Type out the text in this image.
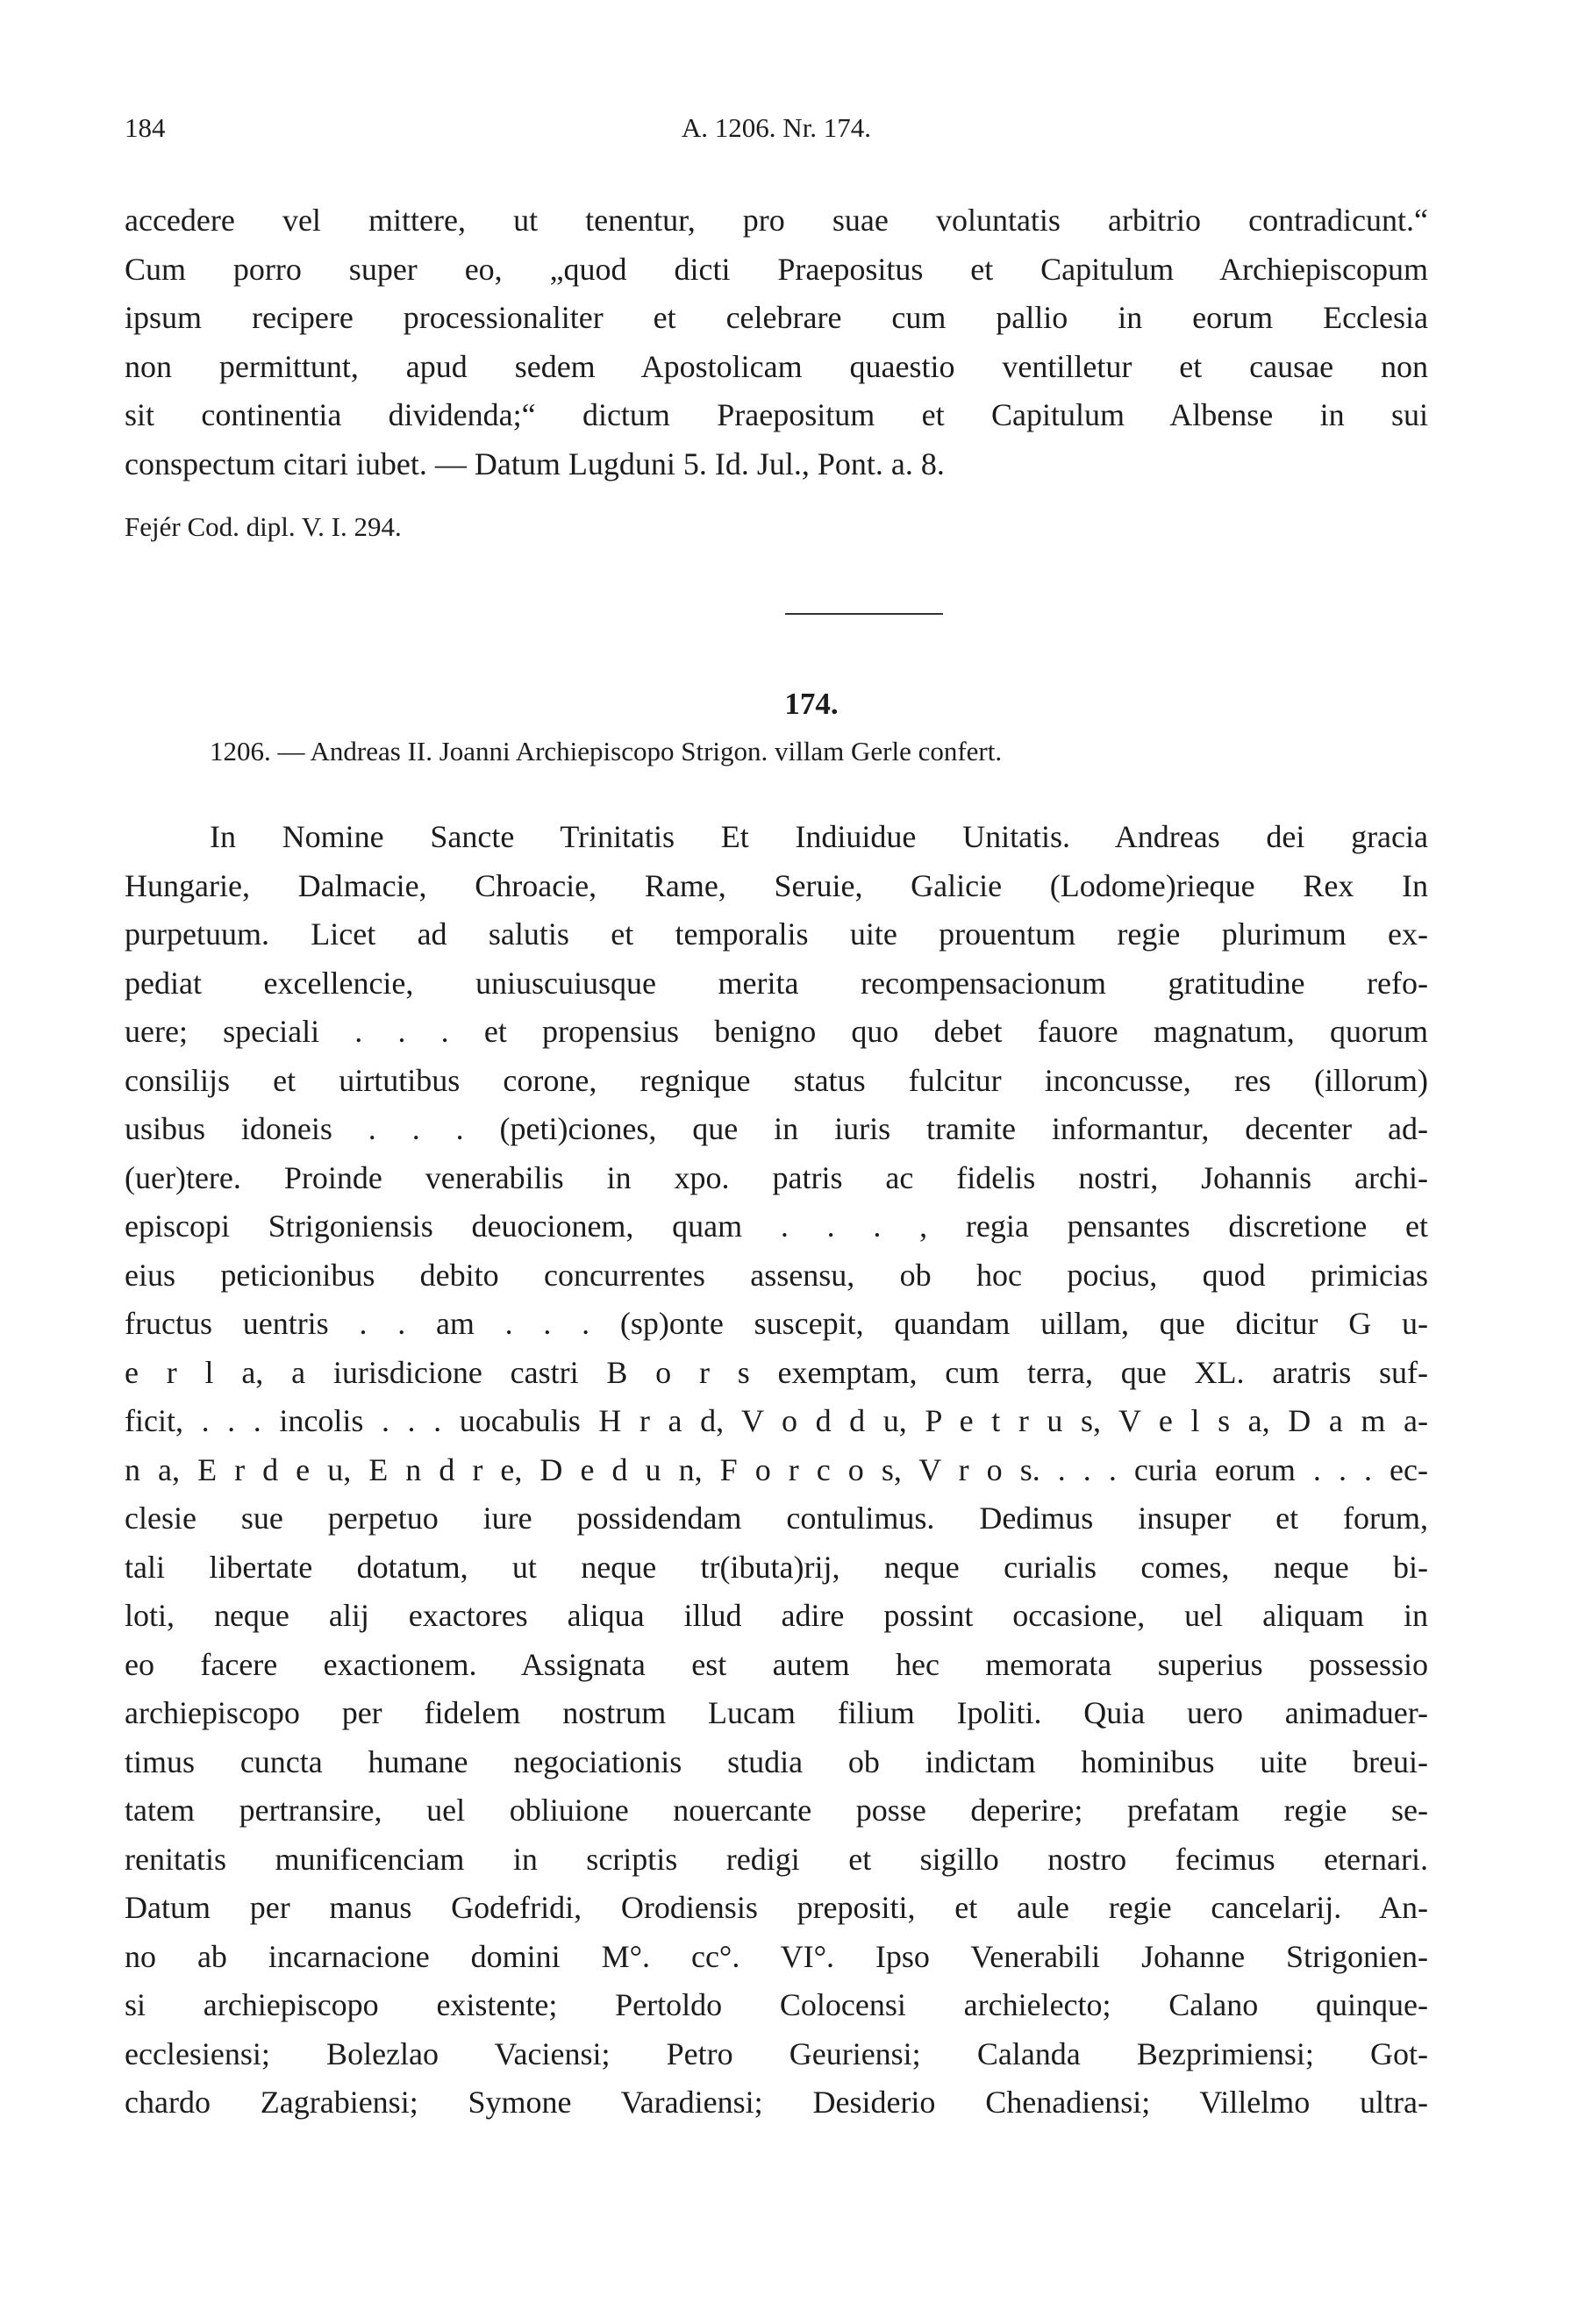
184	A. 1206. Nr. 174.

accedere vel mittere, ut tenentur, pro suae voluntatis arbitrio contradicunt.“
Cum porro super eo, „quod dicti Praepositus et Capitulum Archiepiscopum
ipsum recipere processionaliter et celebrare cum pallio in eorum Ecclesia
non permittunt, apud sedem Apostolicam quaestio ventilletur et causae non
sit continentia dividenda;“ dictum Praepositum et Capitulum Albense in sui
conspectum citari iubet. — Datum Lugduni 5. Id. Jul., Pont. a. 8.

Fejér Cod. dipl. V. I. 294.

174.
1206. — Andreas II. Joanni Archiepiscopo Strigon. villam Gerle confert.

In Nomine Sancte Trinitatis Et Indiuidue Unitatis. Andreas dei gracia
Hungarie, Dalmacie, Chroacie, Rame, Seruie, Galicie (Lodome)rieque Rex In
purpetuum. Licet ad salutis et temporalis uite prouentum regie plurimum ex-
pediat excellencie, uniuscuiusque merita recompensacionum gratitudine refo-
uere; speciali . . . et propensius benigno quo debet fauore magnatum, quorum
consilijs et uirtutibus corone, regnique status fulcitur inconcusse, res (illorum)
usibus idoneis . . . (peti)ciones, que in iuris tramite informantur, decenter ad-
(uer)tere. Proinde venerabilis in xpo. patris ac fidelis nostri, Johannis archi-
episcopi Strigoniensis deuocionem, quam . . . , regia pensantes discretione et
eius peticionibus debito concurrentes assensu, ob hoc pocius, quod primicias
fructus uentris . . am . . . (sp)onte suscepit, quandam uillam, que dicitur G u-
e r l a, a iurisdicione castri B o r s exemptam, cum terra, que XL. aratris suf-
ficit, . . . incolis . . . uocabulis H r a d, V o d d u, P e t r u s, V e l s a, D a m a-
n a, E r d e u, E n d r e, D e d u n, F o r c o s, V r o s. . . . curia eorum . . . ec-
clesie sue perpetuo iure possidendam contulimus. Dedimus insuper et forum,
tali libertate dotatum, ut neque tr(ibuta)rij, neque curialis comes, neque bi-
loti, neque alij exactores aliqua illud adire possint occasione, uel aliquam in
eo facere exactionem. Assignata est autem hec memorata superius possessio
archiepiscopo per fidelem nostrum Lucam filium Ipoliti. Quia uero animaduer-
timus cuncta humane negociationis studia ob indictam hominibus uite breui-
tatem pertransire, uel obliuione nouercante posse deperire; prefatam regie se-
renitatis munificenciam in scriptis redigi et sigillo nostro fecimus eternari.
Datum per manus Godefridi, Orodiensis prepositi, et aule regie cancelarij. An-
no ab incarnacione domini M°. cc°. VI°. Ipso Venerabili Johanne Strigonien-
si archiepiscopo existente; Pertoldo Colocensi archielecto; Calano quinque-
ecclesiensi; Bolezlao Vaciensi; Petro Geuriensi; Calanda Bezprimiensi; Got-
chardo Zagrabiensi; Symone Varadiensi; Desiderio Chenadiensi; Villelmo ultra-
